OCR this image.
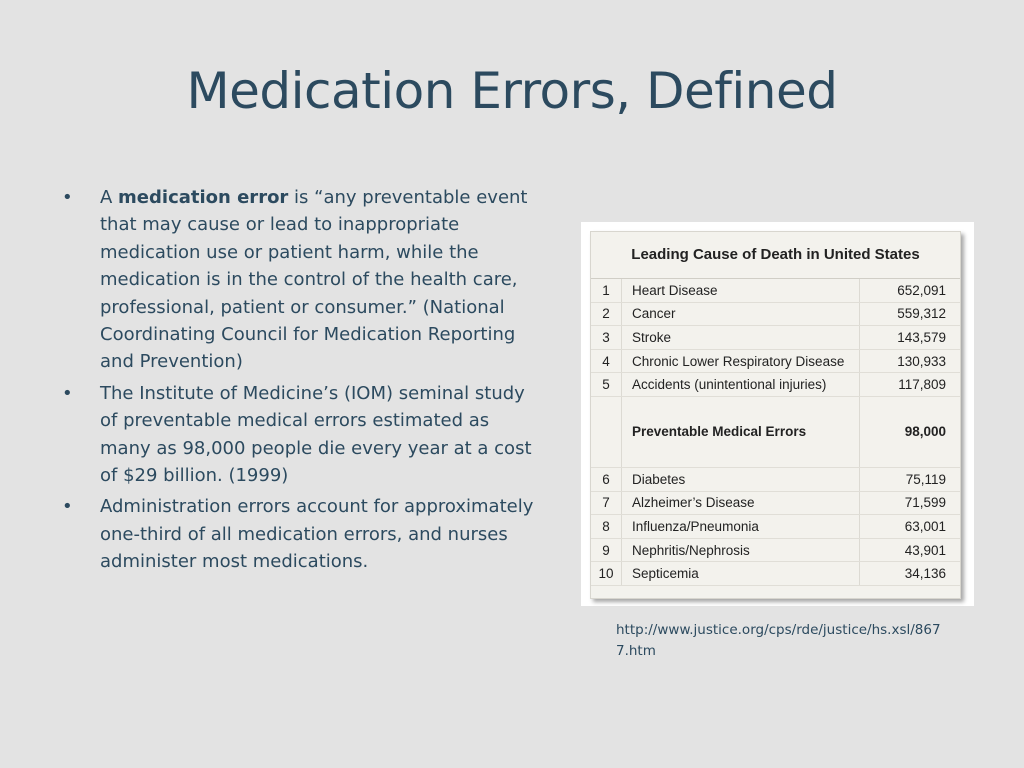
Medication Errors, Defined
• A medication error is “any preventable event that may cause or lead to inappropriate medication use or patient harm, while the medication is in the control of the health care, professional, patient or consumer.” (National Coordinating Council for Medication Reporting and Prevention)
• The Institute of Medicine’s (IOM) seminal study of preventable medical errors estimated as many as 98,000 people die every year at a cost of $29 billion. (1999)
• Administration errors account for approximately one-third of all medication errors, and nurses administer most medications.
Leading Cause of Death in United States
1	Heart Disease	652,091
2	Cancer	559,312
3	Stroke	143,579
4	Chronic Lower Respiratory Disease	130,933
5	Accidents (unintentional injuries)	117,809
	Preventable Medical Errors	98,000
6	Diabetes	75,119
7	Alzheimer’s Disease	71,599
8	Influenza/Pneumonia	63,001
9	Nephritis/Nephrosis	43,901
10	Septicemia	34,136
http://www.justice.org/cps/rde/justice/hs.xsl/8677.htm
